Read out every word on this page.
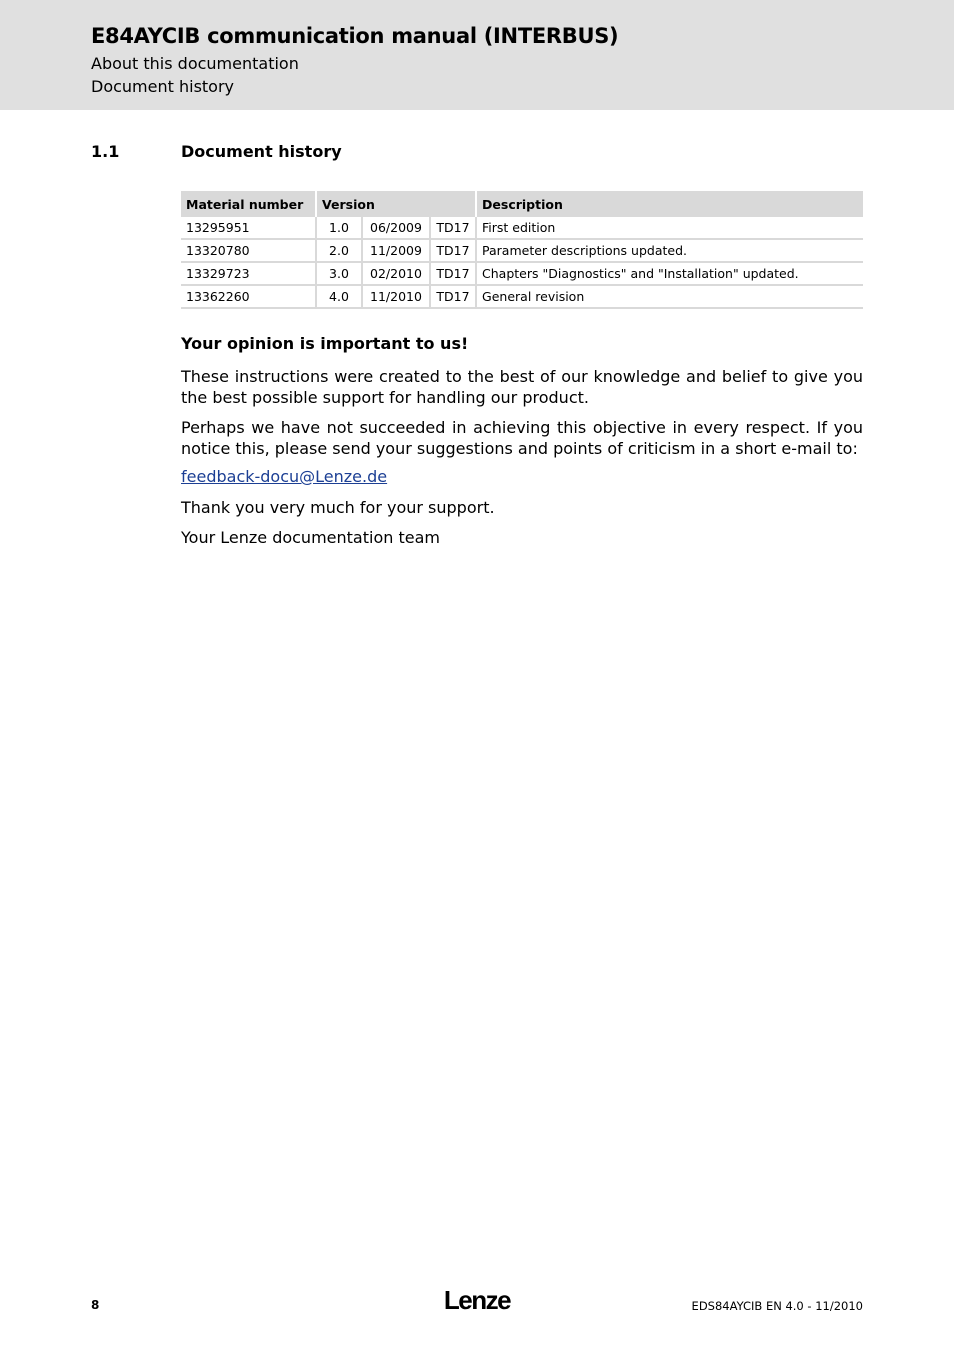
E84AYCIB communication manual (INTERBUS)
About this documentation
Document history
1.1	Document history
Material number	Version			Description
13295951	1.0	06/2009	TD17	First edition
13320780	2.0	11/2009	TD17	Parameter descriptions updated.
13329723	3.0	02/2010	TD17	Chapters "Diagnostics" and "Installation" updated.
13362260	4.0	11/2010	TD17	General revision
Your opinion is important to us!
These instructions were created to the best of our knowledge and belief to give you the best possible support for handling our product.
Perhaps we have not succeeded in achieving this objective in every respect. If you notice this, please send your suggestions and points of criticism in a short e-mail to:
feedback-docu@Lenze.de
Thank you very much for your support.
Your Lenze documentation team
8	Lenze	EDS84AYCIB EN 4.0 - 11/2010
